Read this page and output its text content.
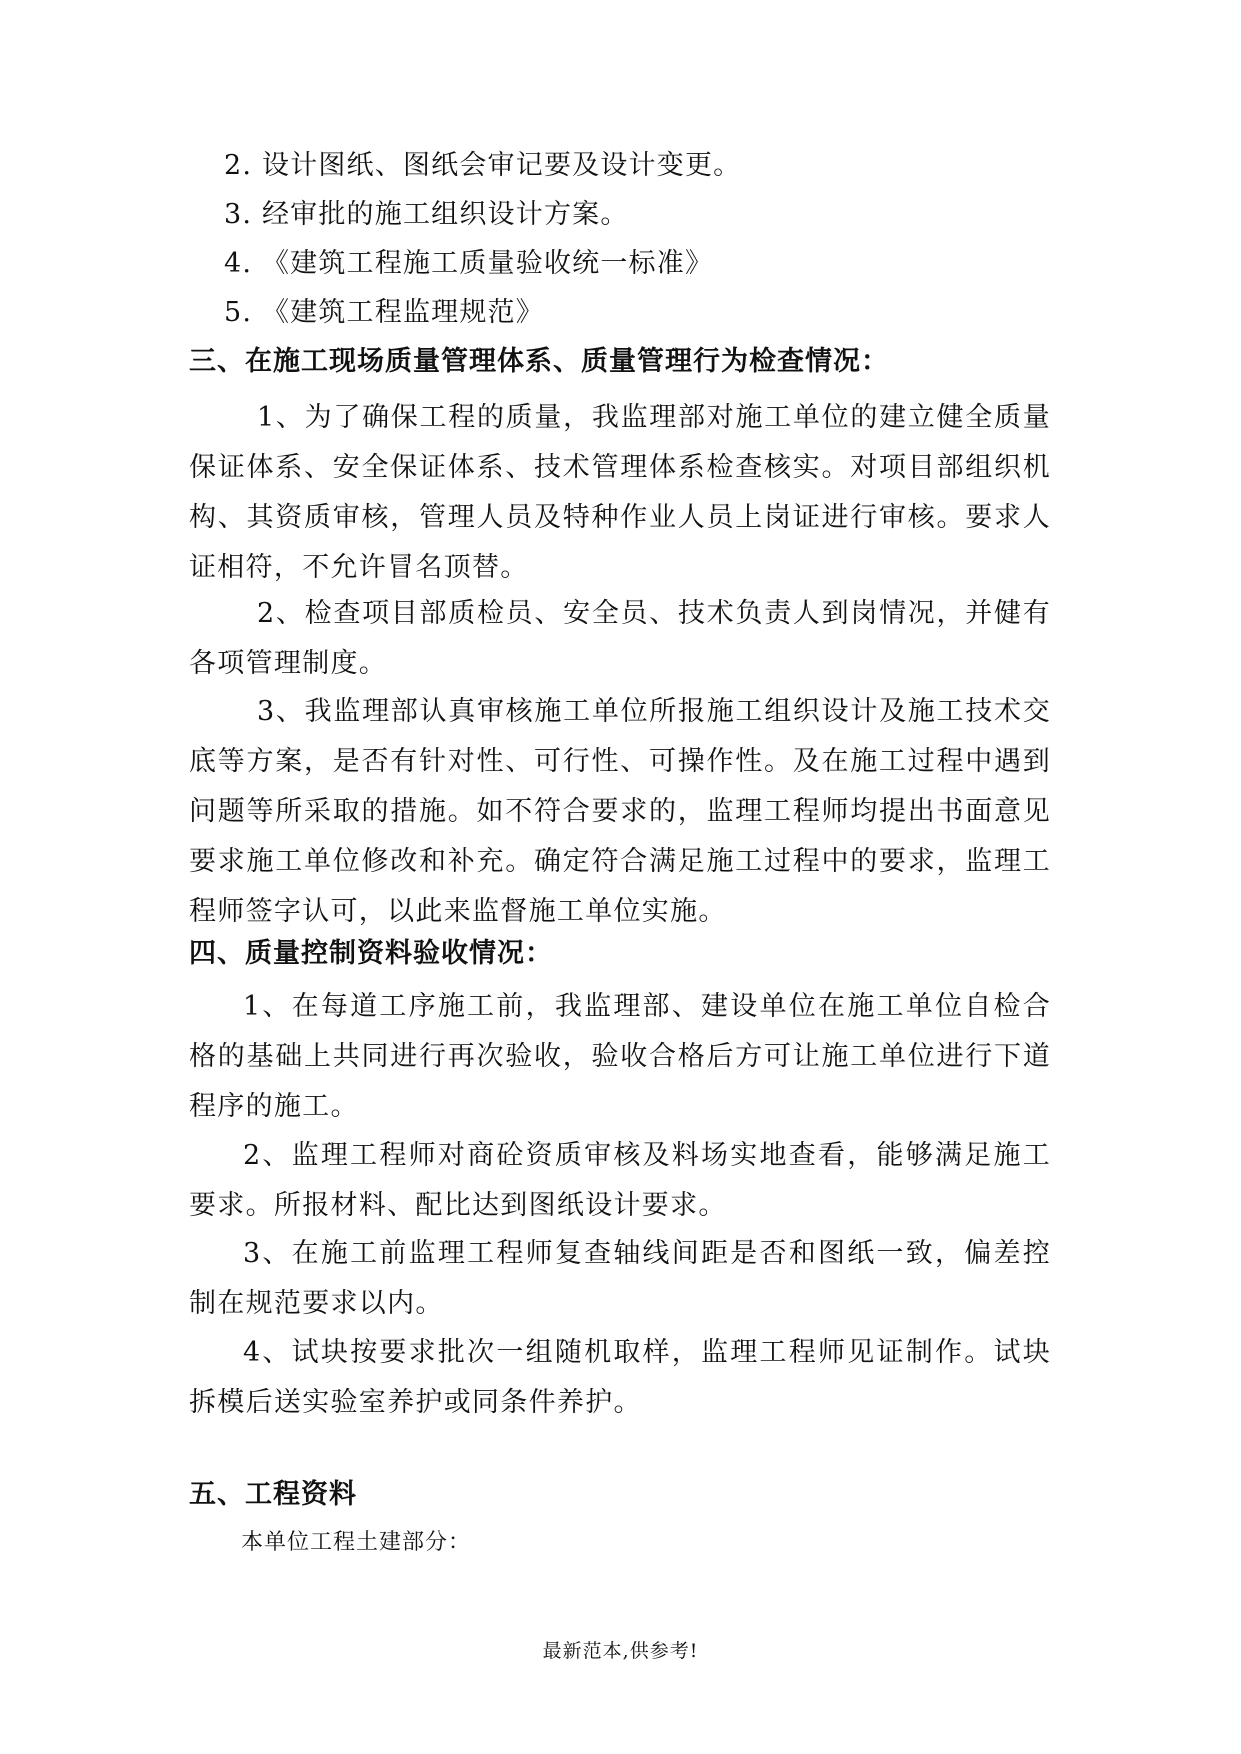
2. 设计图纸、图纸会审记要及设计变更。
3. 经审批的施工组织设计方案。
4. 《建筑工程施工质量验收统一标准》
5. 《建筑工程监理规范》
三、在施工现场质量管理体系、质量管理行为检查情况：
1、为了确保工程的质量，我监理部对施工单位的建立健全质量保证体系、安全保证体系、技术管理体系检查核实。对项目部组织机构、其资质审核，管理人员及特种作业人员上岗证进行审核。要求人证相符，不允许冒名顶替。
2、检查项目部质检员、安全员、技术负责人到岗情况，并健有各项管理制度。
3、我监理部认真审核施工单位所报施工组织设计及施工技术交底等方案，是否有针对性、可行性、可操作性。及在施工过程中遇到问题等所采取的措施。如不符合要求的，监理工程师均提出书面意见要求施工单位修改和补充。确定符合满足施工过程中的要求，监理工程师签字认可，以此来监督施工单位实施。
四、质量控制资料验收情况：
1、在每道工序施工前，我监理部、建设单位在施工单位自检合格的基础上共同进行再次验收，验收合格后方可让施工单位进行下道程序的施工。
2、监理工程师对商砼资质审核及料场实地查看，能够满足施工要求。所报材料、配比达到图纸设计要求。
3、在施工前监理工程师复查轴线间距是否和图纸一致，偏差控制在规范要求以内。
4、试块按要求批次一组随机取样，监理工程师见证制作。试块拆模后送实验室养护或同条件养护。
五、工程资料
本单位工程土建部分：
最新范本,供参考!
